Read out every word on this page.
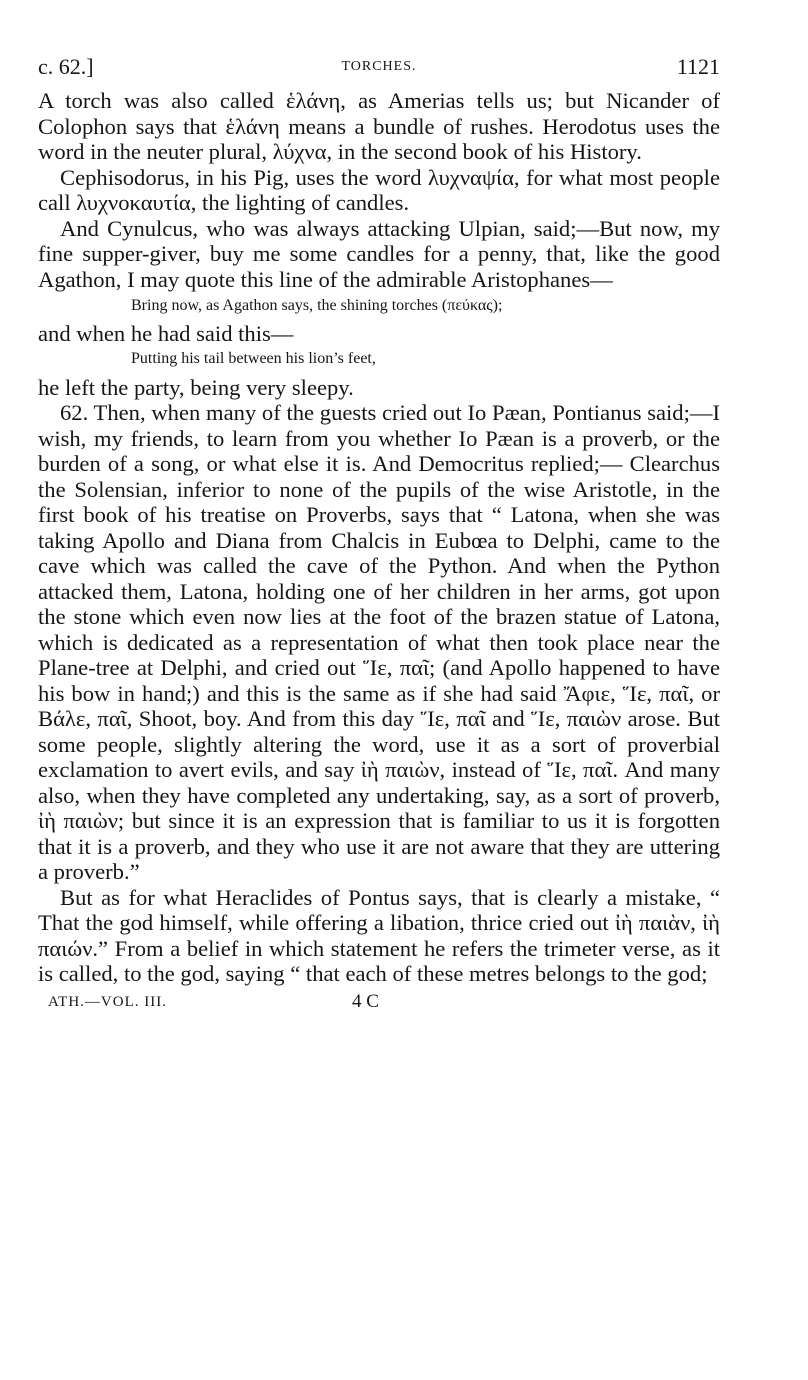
c. 62.]	TORCHES.	1121

A torch was also called ἑλάνη, as Amerias tells us; but Nicander of Colophon says that ἑλάνη means a bundle of rushes. Herodotus uses the word in the neuter plural, λύχνα, in the second book of his History.

Cephisodorus, in his Pig, uses the word λυχναψία, for what most people call λυχνοκαυτία, the lighting of candles.

And Cynulcus, who was always attacking Ulpian, said;—But now, my fine supper-giver, buy me some candles for a penny, that, like the good Agathon, I may quote this line of the admirable Aristophanes—

Bring now, as Agathon says, the shining torches (πεύκας);

and when he had said this—

Putting his tail between his lion’s feet,

he left the party, being very sleepy.

62. Then, when many of the guests cried out Io Pæan, Pontianus said;—I wish, my friends, to learn from you whether Io Pæan is a proverb, or the burden of a song, or what else it is. And Democritus replied;— Clearchus the Solensian, inferior to none of the pupils of the wise Aristotle, in the first book of his treatise on Proverbs, says that “ Latona, when she was taking Apollo and Diana from Chalcis in Eubœa to Delphi, came to the cave which was called the cave of the Python. And when the Python attacked them, Latona, holding one of her children in her arms, got upon the stone which even now lies at the foot of the brazen statue of Latona, which is dedicated as a representation of what then took place near the Plane-tree at Delphi, and cried out Ἵε, παῖ; (and Apollo happened to have his bow in hand;) and this is the same as if she had said Ἄφιε, Ἵε, παῖ, or Βάλε, παῖ, Shoot, boy. And from this day Ἵε, παῖ and Ἵε, παιὼν arose. But some people, slightly altering the word, use it as a sort of proverbial exclamation to avert evils, and say ἰὴ παιὼν, instead of Ἵε, παῖ. And many also, when they have completed any undertaking, say, as a sort of proverb, ἰὴ παιὼν; but since it is an expression that is familiar to us it is forgotten that it is a proverb, and they who use it are not aware that they are uttering a proverb.”

But as for what Heraclides of Pontus says, that is clearly a mistake, “ That the god himself, while offering a libation, thrice cried out ἰὴ παιὰν, ἰὴ παιών.” From a belief in which statement he refers the trimeter verse, as it is called, to the god, saying “ that each of these metres belongs to the god;

ATH.—VOL. III.	4 C
